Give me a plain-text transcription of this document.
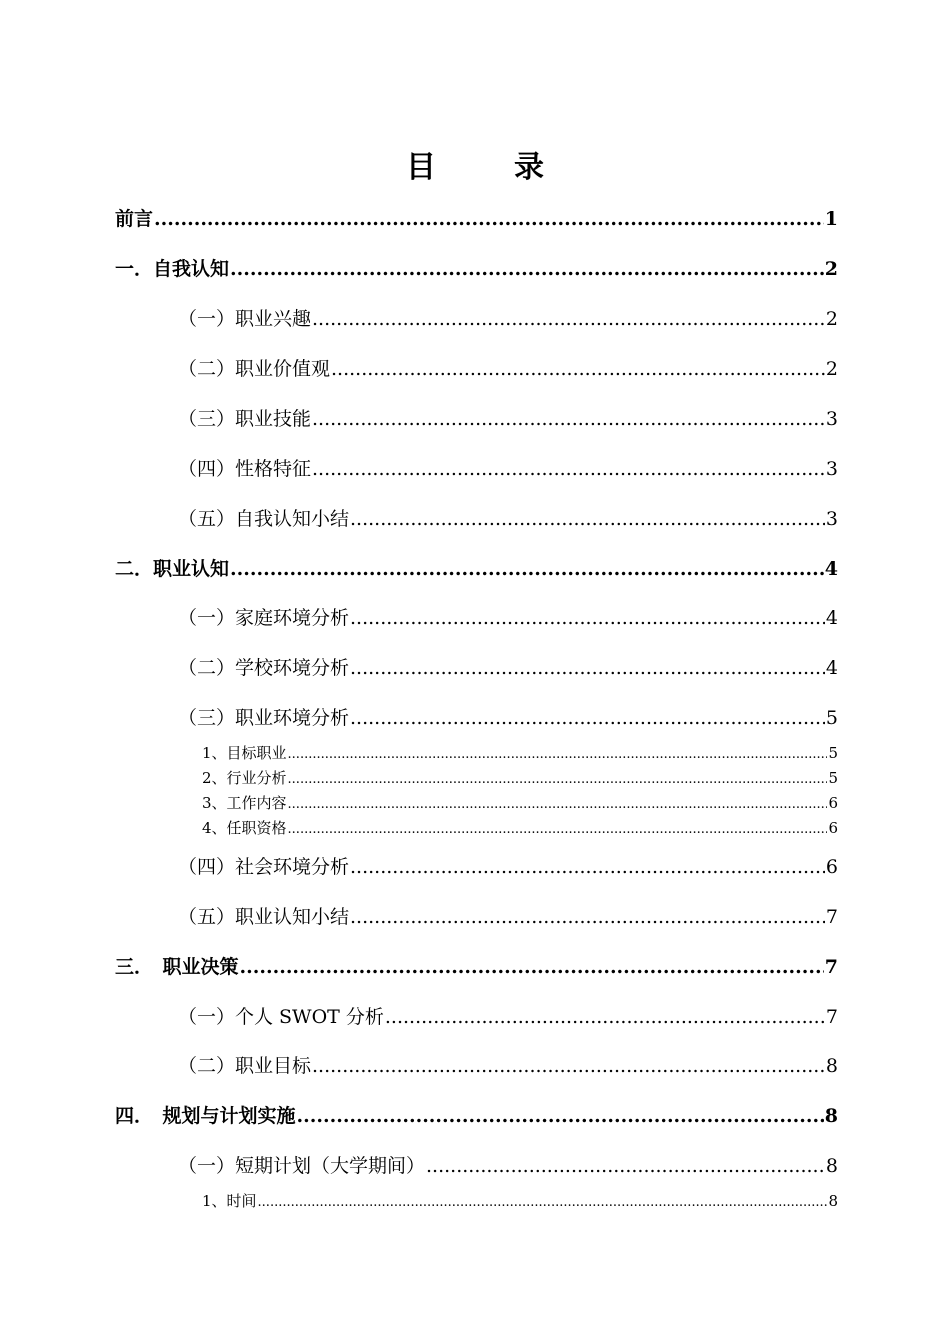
目　录
前言 .....	1
一．自我认知 .....	2
（一）职业兴趣 .....	2
（二）职业价值观 .....	2
（三）职业技能 .....	3
（四）性格特征 .....	3
（五）自我认知小结 .....	3
二．职业认知 .....	4
（一）家庭环境分析 .....	4
（二）学校环境分析 .....	4
（三）职业环境分析 .....	5
1、目标职业 .....	5
2、行业分析 .....	5
3、工作内容 .....	6
4、任职资格 .....	6
（四）社会环境分析 .....	6
（五）职业认知小结 .....	7
三．　职业决策 .....	7
（一）个人 SWOT 分析 .....	7
（二）职业目标 .....	8
四．　规划与计划实施 .....	8
（一）短期计划（大学期间） .....	8
1、时间 .....	8
